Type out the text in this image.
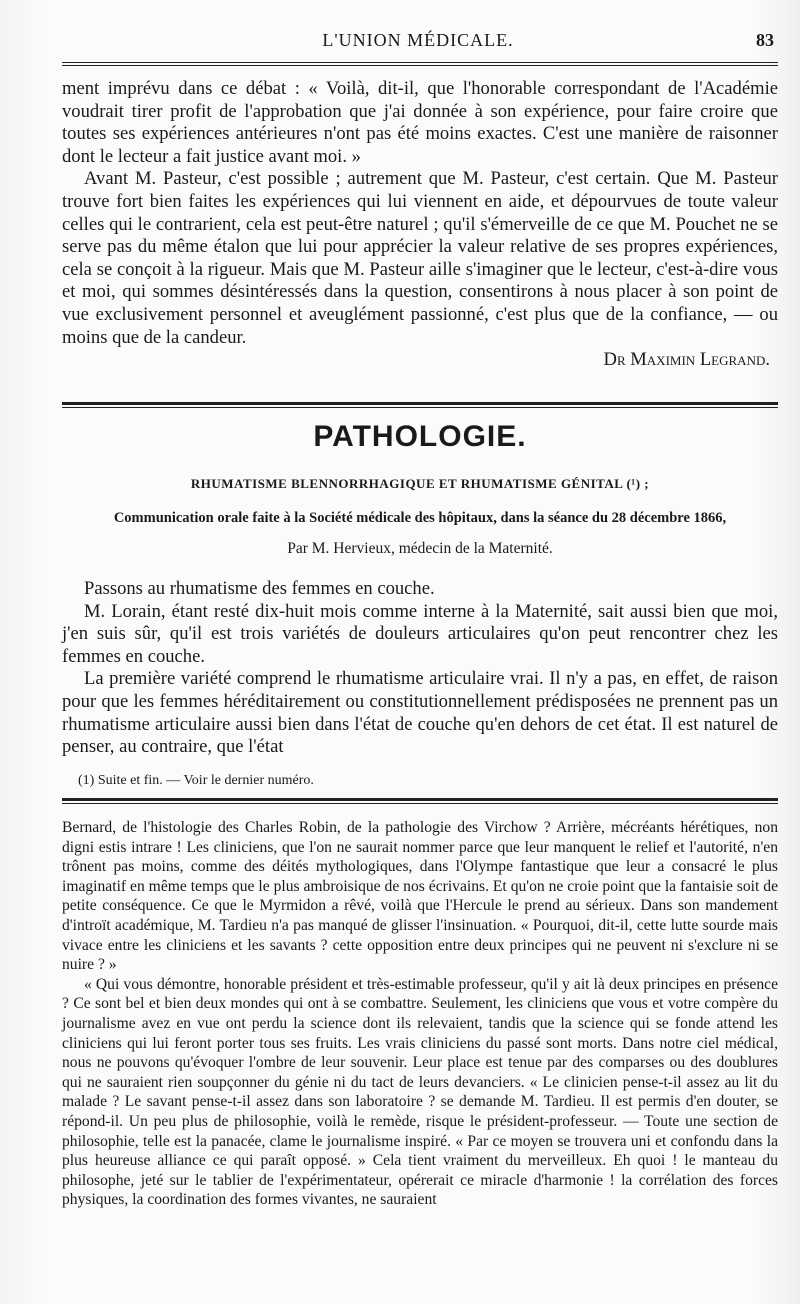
L'UNION MÉDICALE.	83

ment imprévu dans ce débat : « Voilà, dit-il, que l'honorable correspondant de l'Académie voudrait tirer profit de l'approbation que j'ai donnée à son expérience, pour faire croire que toutes ses expériences antérieures n'ont pas été moins exactes. C'est une manière de raisonner dont le lecteur a fait justice avant moi. »

Avant M. Pasteur, c'est possible ; autrement que M. Pasteur, c'est certain. Que M. Pasteur trouve fort bien faites les expériences qui lui viennent en aide, et dépourvues de toute valeur celles qui le contrarient, cela est peut-être naturel ; qu'il s'émerveille de ce que M. Pouchet ne se serve pas du même étalon que lui pour apprécier la valeur relative de ses propres expériences, cela se conçoit à la rigueur. Mais que M. Pasteur aille s'imaginer que le lecteur, c'est-à-dire vous et moi, qui sommes désintéressés dans la question, consentirons à nous placer à son point de vue exclusivement personnel et aveuglément passionné, c'est plus que de la confiance, — ou moins que de la candeur.

Dr Maximin Legrand.

PATHOLOGIE.
RHUMATISME BLENNORRHAGIQUE ET RHUMATISME GÉNITAL (¹) ;
Communication orale faite à la Société médicale des hôpitaux, dans la séance du 28 décembre 1866,
Par M. Hervieux, médecin de la Maternité.

Passons au rhumatisme des femmes en couche.

M. Lorain, étant resté dix-huit mois comme interne à la Maternité, sait aussi bien que moi, j'en suis sûr, qu'il est trois variétés de douleurs articulaires qu'on peut rencontrer chez les femmes en couche.

La première variété comprend le rhumatisme articulaire vrai. Il n'y a pas, en effet, de raison pour que les femmes héréditairement ou constitutionnellement prédisposées ne prennent pas un rhumatisme articulaire aussi bien dans l'état de couche qu'en dehors de cet état. Il est naturel de penser, au contraire, que l'état

(1) Suite et fin. — Voir le dernier numéro.

Bernard, de l'histologie des Charles Robin, de la pathologie des Virchow ? Arrière, mécréants hérétiques, non digni estis intrare ! Les cliniciens, que l'on ne saurait nommer parce que leur manquent le relief et l'autorité, n'en trônent pas moins, comme des déités mythologiques, dans l'Olympe fantastique que leur a consacré le plus imaginatif en même temps que le plus ambroisique de nos écrivains. Et qu'on ne croie point que la fantaisie soit de petite conséquence. Ce que le Myrmidon a rêvé, voilà que l'Hercule le prend au sérieux. Dans son mandement d'introït académique, M. Tardieu n'a pas manqué de glisser l'insinuation. « Pourquoi, dit-il, cette lutte sourde mais vivace entre les cliniciens et les savants ? cette opposition entre deux principes qui ne peuvent ni s'exclure ni se nuire ? »

« Qui vous démontre, honorable président et très-estimable professeur, qu'il y ait là deux principes en présence ? Ce sont bel et bien deux mondes qui ont à se combattre. Seulement, les cliniciens que vous et votre compère du journalisme avez en vue ont perdu la science dont ils relevaient, tandis que la science qui se fonde attend les cliniciens qui lui feront porter tous ses fruits. Les vrais cliniciens du passé sont morts. Dans notre ciel médical, nous ne pouvons qu'évoquer l'ombre de leur souvenir. Leur place est tenue par des comparses ou des doublures qui ne sauraient rien soupçonner du génie ni du tact de leurs devanciers. « Le clinicien pense-t-il assez au lit du malade ? Le savant pense-t-il assez dans son laboratoire ? se demande M. Tardieu. Il est permis d'en douter, se répond-il. Un peu plus de philosophie, voilà le remède, risque le président-professeur. — Toute une section de philosophie, telle est la panacée, clame le journalisme inspiré. « Par ce moyen se trouvera uni et confondu dans la plus heureuse alliance ce qui paraît opposé. » Cela tient vraiment du merveilleux. Eh quoi ! le manteau du philosophe, jeté sur le tablier de l'expérimentateur, opérerait ce miracle d'harmonie ! la corrélation des forces physiques, la coordination des formes vivantes, ne sauraient
